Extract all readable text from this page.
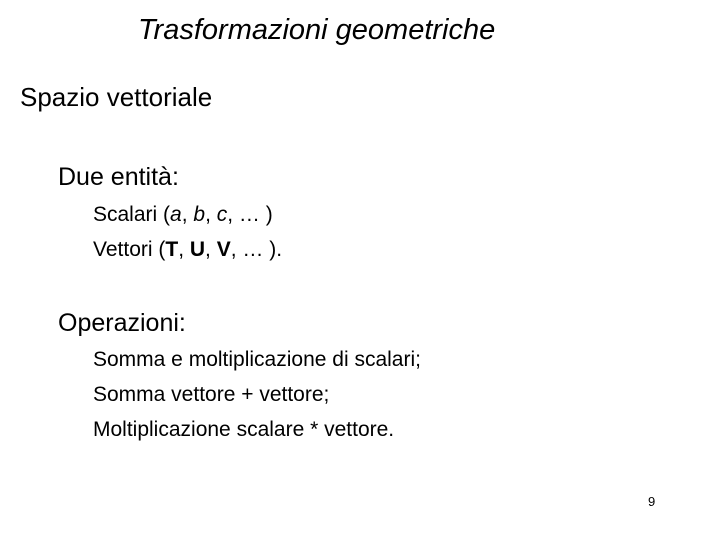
Trasformazioni geometriche
Spazio vettoriale
Due entità:
Scalari (a, b, c, … )
Vettori (T, U, V, … ).
Operazioni:
Somma e moltiplicazione di scalari;
Somma vettore + vettore;
Moltiplicazione scalare * vettore.
9
